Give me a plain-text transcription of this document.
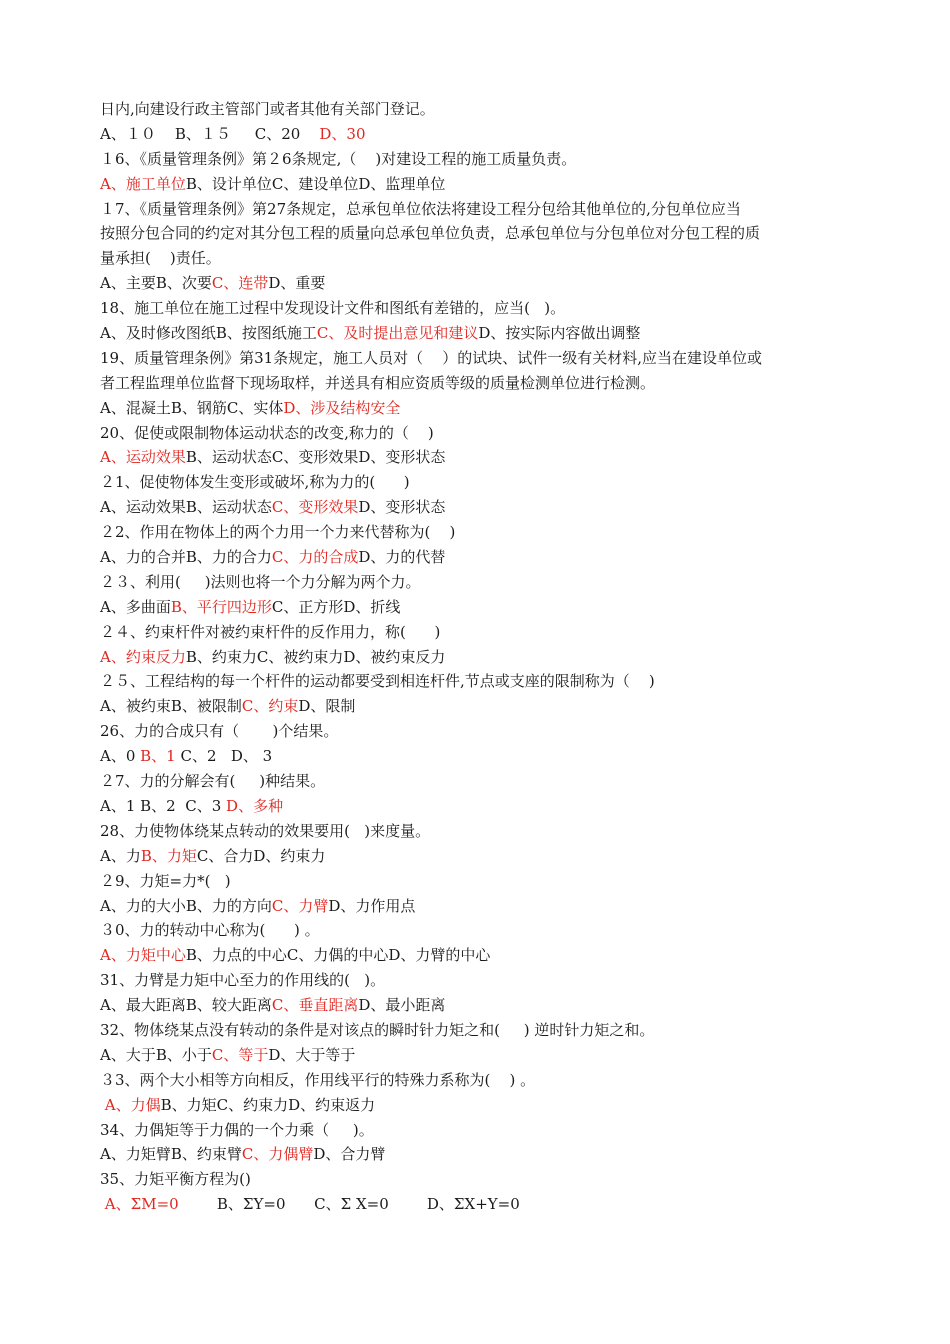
日内,向建设行政主管部门或者其他有关部门登记。
A、１０    B、１５     C、20    D、30
１6、《质量管理条例》第２6条规定,（    )对建设工程的施工质量负责。
A、施工单位B、设计单位C、建设单位D、监理单位
１7、《质量管理条例》第27条规定，总承包单位依法将建设工程分包给其他单位的,分包单位应当
按照分包合同的约定对其分包工程的质量向总承包单位负责，总承包单位与分包单位对分包工程的质
量承担(    )责任。
A、主要B、次要C、连带D、重要
18、施工单位在施工过程中发现设计文件和图纸有差错的，应当(   )。
A、及时修改图纸B、按图纸施工C、及时提出意见和建议D、按实际内容做出调整
19、质量管理条例》第31条规定，施工人员对（    ）的试块、试件一级有关材料,应当在建设单位或
者工程监理单位监督下现场取样，并送具有相应资质等级的质量检测单位进行检测。
A、混凝土B、钢筋C、实体D、涉及结构安全
20、促使或限制物体运动状态的改变,称力的（    )
A、运动效果B、运动状态C、变形效果D、变形状态
２1、促使物体发生变形或破坏,称为力的(      )
A、运动效果B、运动状态C、变形效果D、变形状态
２2、作用在物体上的两个力用一个力来代替称为(    )
A、力的合并B、力的合力C、力的合成D、力的代替
２３、利用(     )法则也将一个力分解为两个力。
A、多曲面B、平行四边形C、正方形D、折线
２４、约束杆件对被约束杆件的反作用力，称(      )
A、约束反力B、约束力C、被约束力D、被约束反力
２５、工程结构的每一个杆件的运动都要受到相连杆件,节点或支座的限制称为（    )
A、被约束B、被限制C、约束D、限制
26、力的合成只有（       )个结果。
A、0 B、1 C、2   D、 3
２7、力的分解会有(     )种结果。
A、1 B、2  C、3 D、多种
28、力使物体绕某点转动的效果要用(   )来度量。
A、力B、力矩C、合力D、约束力
２9、力矩=力*(   )
A、力的大小B、力的方向C、力臂D、力作用点
３0、力的转动中心称为(      ) 。
A、力矩中心B、力点的中心C、力偶的中心D、力臂的中心
31、力臂是力矩中心至力的作用线的(   )。
A、最大距离B、较大距离C、垂直距离D、最小距离
32、物体绕某点没有转动的条件是对该点的瞬时针力矩之和(     ) 逆时针力矩之和。
A、大于B、小于C、等于D、大于等于
３3、两个大小相等方向相反，作用线平行的特殊力系称为(    ) 。
A、力偶B、力矩C、约束力D、约束返力
34、力偶矩等于力偶的一个力乘（     )。
A、力矩臂B、约束臂C、力偶臂D、合力臂
35、力矩平衡方程为()
A、ΣM=0        B、ΣY=0      C、Σ X=0        D、ΣX+Y=0
